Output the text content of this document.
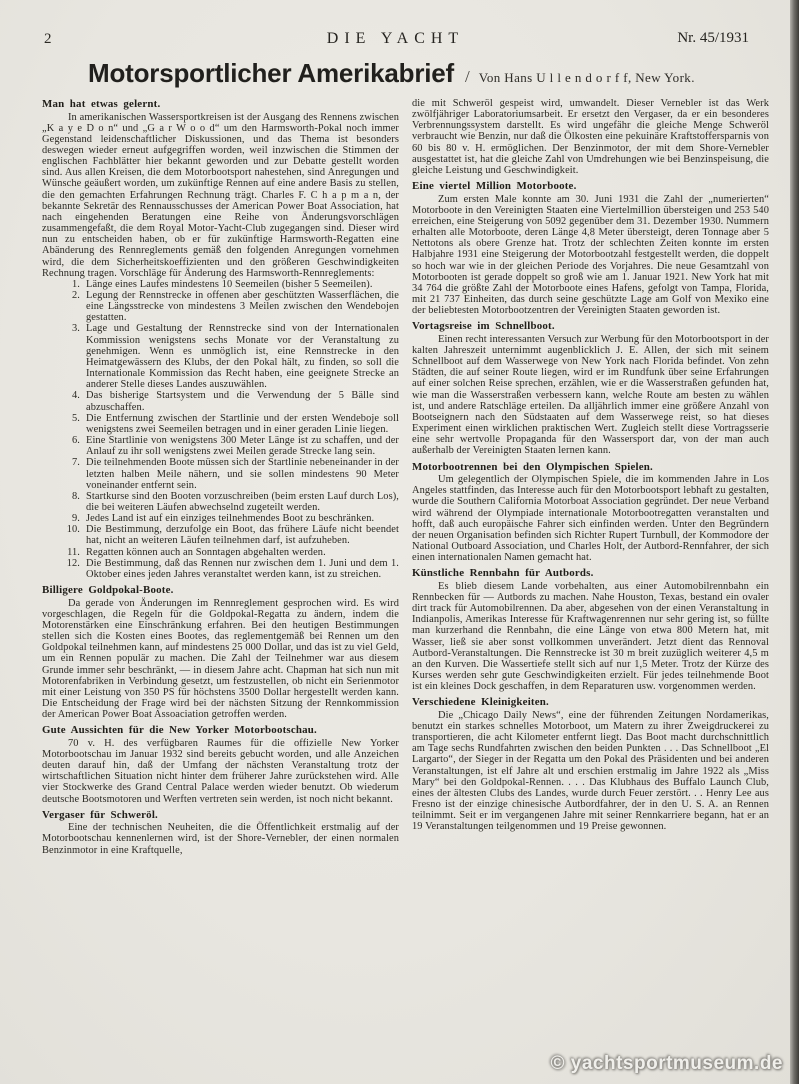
2	DIE YACHT	Nr. 45/1931
Motorsportlicher Amerikabrief / Von Hans U l l e n d o r f f, New York.
Man hat etwas gelernt.

In amerikanischen Wassersportkreisen ist der Ausgang des Rennens zwischen „K a y e D o n“ und „G a r W o o d“ um den Harmsworth-Pokal noch immer Gegenstand leidenschaftlicher Diskussionen, und das Thema ist besonders deswegen wieder erneut aufgegriffen worden, weil inzwischen die Stimmen der englischen Fachblätter hier bekannt geworden und zur Debatte gestellt worden sind. Aus allen Kreisen, die dem Motorbootsport nahestehen, sind Anregungen und Wünsche geäußert worden, um zukünftige Rennen auf eine andere Basis zu stellen, die den gemachten Erfahrungen Rechnung trägt. Charles F. C h a p m a n, der bekannte Sekretär des Rennausschusses der American Power Boat Association, hat nach eingehenden Beratungen eine Reihe von Änderungsvorschlägen zusammengefaßt, die dem Royal Motor-Yacht-Club zugegangen sind. Dieser wird nun zu entscheiden haben, ob er für zukünftige Harmsworth-Regatten eine Abänderung des Rennreglements gemäß den folgenden Anregungen vornehmen wird, die dem Sicherheitskoeffizienten und den größeren Geschwindigkeiten Rechnung tragen. Vorschläge für Änderung des Harmsworth-Rennreglements:

1. Länge eines Laufes mindestens 10 Seemeilen (bisher 5 Seemeilen).
2. Legung der Rennstrecke in offenen aber geschützten Wasserflächen, die eine Längsstrecke von mindestens 3 Meilen zwischen den Wendebojen gestatten.
3. Lage und Gestaltung der Rennstrecke sind von der Internationalen Kommission wenigstens sechs Monate vor der Veranstaltung zu genehmigen. Wenn es unmöglich ist, eine Rennstrecke in den Heimatgewässern des Klubs, der den Pokal hält, zu finden, so soll die Internationale Kommission das Recht haben, eine geeignete Strecke an anderer Stelle dieses Landes auszuwählen.
4. Das bisherige Startsystem und die Verwendung der 5 Bälle sind abzuschaffen.
5. Die Entfernung zwischen der Startlinie und der ersten Wendeboje soll wenigstens zwei Seemeilen betragen und in einer geraden Linie liegen.
6. Eine Startlinie von wenigstens 300 Meter Länge ist zu schaffen, und der Anlauf zu ihr soll wenigstens zwei Meilen gerade Strecke lang sein.
7. Die teilnehmenden Boote müssen sich der Startlinie nebeneinander in der letzten halben Meile nähern, und sie sollen mindestens 90 Meter voneinander entfernt sein.
8. Startkurse sind den Booten vorzuschreiben (beim ersten Lauf durch Los), die bei weiteren Läufen abwechselnd zugeteilt werden.
9. Jedes Land ist auf ein einziges teilnehmendes Boot zu beschränken.
10. Die Bestimmung, derzufolge ein Boot, das frühere Läufe nicht beendet hat, nicht an weiteren Läufen teilnehmen darf, ist aufzuheben.
11. Regatten können auch an Sonntagen abgehalten werden.
12. Die Bestimmung, daß das Rennen nur zwischen dem 1. Juni und dem 1. Oktober eines jeden Jahres veranstaltet werden kann, ist zu streichen.
Billigere Goldpokal-Boote.

Da gerade von Änderungen im Rennreglement gesprochen wird. Es wird vorgeschlagen, die Regeln für die Goldpokal-Regatta zu ändern, indem die Motorenstärken eine Einschränkung erfahren. Bei den heutigen Bestimmungen stellen sich die Kosten eines Bootes, das reglementgemäß bei Rennen um den Goldpokal teilnehmen kann, auf mindestens 25 000 Dollar, und das ist zu viel Geld, um ein Rennen populär zu machen. Die Zahl der Teilnehmer war aus diesem Grunde immer sehr beschränkt, — in diesem Jahre acht. Chapman hat sich nun mit Motorenfabriken in Verbindung gesetzt, um festzustellen, ob nicht ein Serienmotor mit einer Leistung von 350 PS für höchstens 3500 Dollar hergestellt werden kann. Die Entscheidung der Frage wird bei der nächsten Sitzung der Rennkommission der American Power Boat Assoaciation getroffen werden.

Gute Aussichten für die New Yorker Motorbootschau.

70 v. H. des verfügbaren Raumes für die offizielle New Yorker Motorbootschau im Januar 1932 sind bereits gebucht worden, und alle Anzeichen deuten darauf hin, daß der Umfang der nächsten Veranstaltung trotz der wirtschaftlichen Situation nicht hinter dem früherer Jahre zurückstehen wird. Alle vier Stockwerke des Grand Central Palace werden wieder benutzt. Ob wiederum deutsche Bootsmotoren und Werften vertreten sein werden, ist noch nicht bekannt.

Vergaser für Schweröl.

Eine der technischen Neuheiten, die die Öffentlichkeit erstmalig auf der Motorbootschau kennenlernen wird, ist der Shore-Vernebler, der einen normalen Benzinmotor in eine Kraftquelle,

die mit Schweröl gespeist wird, umwandelt. Dieser Vernebler ist das Werk zwölfjähriger Laboratoriumsarbeit. Er ersetzt den Vergaser, da er ein besonderes Verbrennungssystem darstellt. Es wird ungefähr die gleiche Menge Schweröl verbraucht wie Benzin, nur daß die Ölkosten eine pekuinäre Kraftstoffersparnis von 60 bis 80 v. H. ermöglichen. Der Benzinmotor, der mit dem Shore-Vernebler ausgestattet ist, hat die gleiche Zahl von Umdrehungen wie bei Benzinspeisung, die gleiche Leistung und Geschwindigkeit.

Eine viertel Million Motorboote.

Zum ersten Male konnte am 30. Juni 1931 die Zahl der „numerierten“ Motorboote in den Vereinigten Staaten eine Viertelmillion übersteigen und 253 540 erreichen, eine Steigerung von 5092 gegenüber dem 31. Dezember 1930. Nummern erhalten alle Motorboote, deren Länge 4,8 Meter übersteigt, deren Tonnage aber 5 Nettotons als obere Grenze hat. Trotz der schlechten Zeiten konnte im ersten Halbjahre 1931 eine Steigerung der Motorbootzahl festgestellt werden, die doppelt so hoch war wie in der gleichen Periode des Vorjahres. Die neue Gesamtzahl von Motorbooten ist gerade doppelt so groß wie am 1. Januar 1921. New York hat mit 34 764 die größte Zahl der Motorboote eines Hafens, gefolgt von Tampa, Florida, mit 21 737 Einheiten, das durch seine geschützte Lage am Golf von Mexiko eine der beliebtesten Motorbootzentren der Vereinigten Staaten geworden ist.

Vortagsreise im Schnellboot.

Einen recht interessanten Versuch zur Werbung für den Motorbootsport in der kalten Jahreszeit unternimmt augenblicklich J. E. Allen, der sich mit seinem Schnellboot auf dem Wasserwege von New York nach Florida befindet. Von zehn Städten, die auf seiner Route liegen, wird er im Rundfunk über seine Erfahrungen auf einer solchen Reise sprechen, erzählen, wie er die Wasserstraßen gefunden hat, wie man die Wasserstraßen verbessern kann, welche Route am besten zu wählen ist, und andere Ratschläge erteilen. Da alljährlich immer eine größere Anzahl von Bootseignern nach den Südstaaten auf dem Wasserwege reist, so hat dieses Experiment einen wirklichen praktischen Wert. Zugleich stellt diese Vortragsserie eine sehr wertvolle Propaganda für den Wassersport dar, von der man auch außerhalb der Vereinigten Staaten lernen kann.

Motorbootrennen bei den Olympischen Spielen.

Um gelegentlich der Olympischen Spiele, die im kommenden Jahre in Los Angeles stattfinden, das Interesse auch für den Motorbootsport lebhaft zu gestalten, wurde die Southern California Motorboat Association gegründet. Der neue Verband wird während der Olympiade internationale Motorbootregatten veranstalten und hofft, daß auch europäische Fahrer sich einfinden werden. Unter den Begründern der neuen Organisation befinden sich Richter Rupert Turnbull, der Kommodore der National Outboard Association, und Charles Holt, der Autbord-Rennfahrer, der sich einen internationalen Namen gemacht hat.

Künstliche Rennbahn für Autbords.

Es blieb diesem Lande vorbehalten, aus einer Automobilrennbahn ein Rennbecken für — Autbords zu machen. Nahe Houston, Texas, bestand ein ovaler dirt track für Automobilrennen. Da aber, abgesehen von der einen Veranstaltung in Indianpolis, Amerikas Interesse für Kraftwagenrennen nur sehr gering ist, so füllte man kurzerhand die Rennbahn, die eine Länge von etwa 800 Metern hat, mit Wasser, ließ sie aber sonst vollkommen unverändert. Jetzt dient das Rennoval Autbord-Veranstaltungen. Die Rennstrecke ist 30 m breit zuzüglich weiterer 4,5 m an den Kurven. Die Wassertiefe stellt sich auf nur 1,5 Meter. Trotz der Kürze des Kurses werden sehr gute Geschwindigkeiten erzielt. Für jedes teilnehmende Boot ist ein kleines Dock geschaffen, in dem Reparaturen usw. vorgenommen werden.

Verschiedene Kleinigkeiten.

Die „Chicago Daily News“, eine der führenden Zeitungen Nordamerikas, benutzt ein starkes schnelles Motorboot, um Matern zu ihrer Zweigdruckerei zu transportieren, die acht Kilometer entfernt liegt. Das Boot macht durchschnittlich am Tage sechs Rundfahrten zwischen den beiden Punkten . . . Das Schnellboot „El Largarto“, der Sieger in der Regatta um den Pokal des Präsidenten und bei anderen Veranstaltungen, ist elf Jahre alt und erschien erstmalig im Jahre 1922 als „Miss Mary“ bei den Goldpokal-Rennen. . . . Das Klubhaus des Buffalo Launch Club, eines der ältesten Clubs des Landes, wurde durch Feuer zerstört. . . Henry Lee aus Fresno ist der einzige chinesische Autbordfahrer, der in den U. S. A. an Rennen teilnimmt. Seit er im vergangenen Jahre mit seiner Rennkarriere begann, hat er an 19 Veranstaltungen teilgenommen und 19 Preise gewonnen.

© yachtsportmuseum.de
